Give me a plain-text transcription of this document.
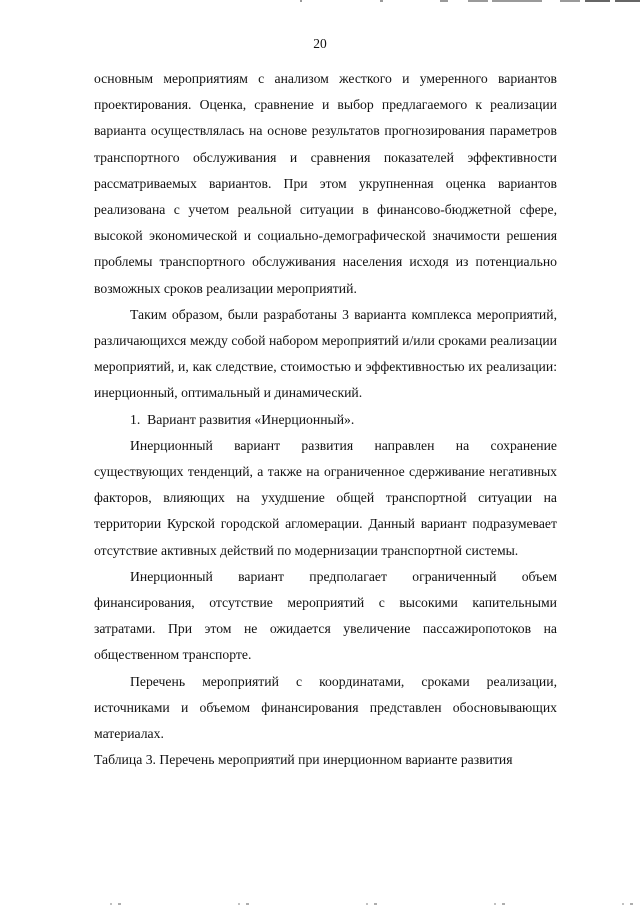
20

основным мероприятиям с анализом жесткого и умеренного вариантов проектирования. Оценка, сравнение и выбор предлагаемого к реализации варианта осуществлялась на основе результатов прогнозирования параметров транспортного обслуживания и сравнения показателей эффективности рассматриваемых вариантов. При этом укрупненная оценка вариантов реализована с учетом реальной ситуации в финансово-бюджетной сфере, высокой экономической и социально-демографической значимости решения проблемы транспортного обслуживания населения исходя из потенциально возможных сроков реализации мероприятий.

Таким образом, были разработаны 3 варианта комплекса мероприятий, различающихся между собой набором мероприятий и/или сроками реализации мероприятий, и, как следствие, стоимостью и эффективностью их реализации: инерционный, оптимальный и динамический.

1. Вариант развития «Инерционный».

Инерционный вариант развития направлен на сохранение существующих тенденций, а также на ограниченное сдерживание негативных факторов, влияющих на ухудшение общей транспортной ситуации на территории Курской городской агломерации. Данный вариант подразумевает отсутствие активных действий по модернизации транспортной системы.

Инерционный вариант предполагает ограниченный объем финансирования, отсутствие мероприятий с высокими капительными затратами. При этом не ожидается увеличение пассажиропотоков на общественном транспорте.

Перечень мероприятий с координатами, сроками реализации, источниками и объемом финансирования представлен обосновывающих материалах.

Таблица 3. Перечень мероприятий при инерционном варианте развития
